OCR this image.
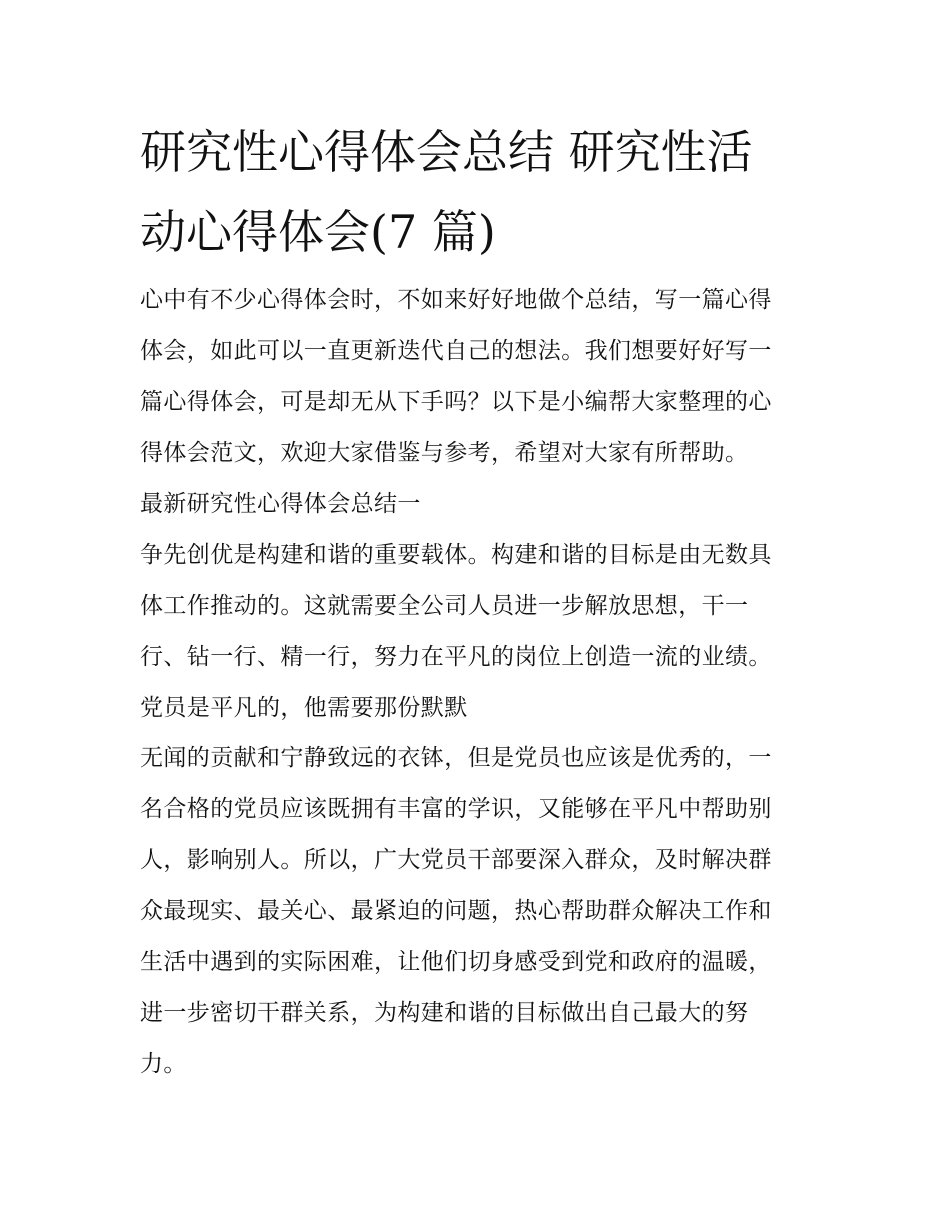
研究性心得体会总结 研究性活
动心得体会(7 篇)
心中有不少心得体会时，不如来好好地做个总结，写一篇心得
体会，如此可以一直更新迭代自己的想法。我们想要好好写一
篇心得体会，可是却无从下手吗？以下是小编帮大家整理的心
得体会范文，欢迎大家借鉴与参考，希望对大家有所帮助。
最新研究性心得体会总结一
争先创优是构建和谐的重要载体。构建和谐的目标是由无数具
体工作推动的。这就需要全公司人员进一步解放思想，干一
行、钻一行、精一行，努力在平凡的岗位上创造一流的业绩。
党员是平凡的，他需要那份默默
无闻的贡献和宁静致远的衣钵，但是党员也应该是优秀的，一
名合格的党员应该既拥有丰富的学识，又能够在平凡中帮助别
人，影响别人。所以，广大党员干部要深入群众，及时解决群
众最现实、最关心、最紧迫的问题，热心帮助群众解决工作和
生活中遇到的实际困难，让他们切身感受到党和政府的温暖，
进一步密切干群关系，为构建和谐的目标做出自己最大的努
力。
